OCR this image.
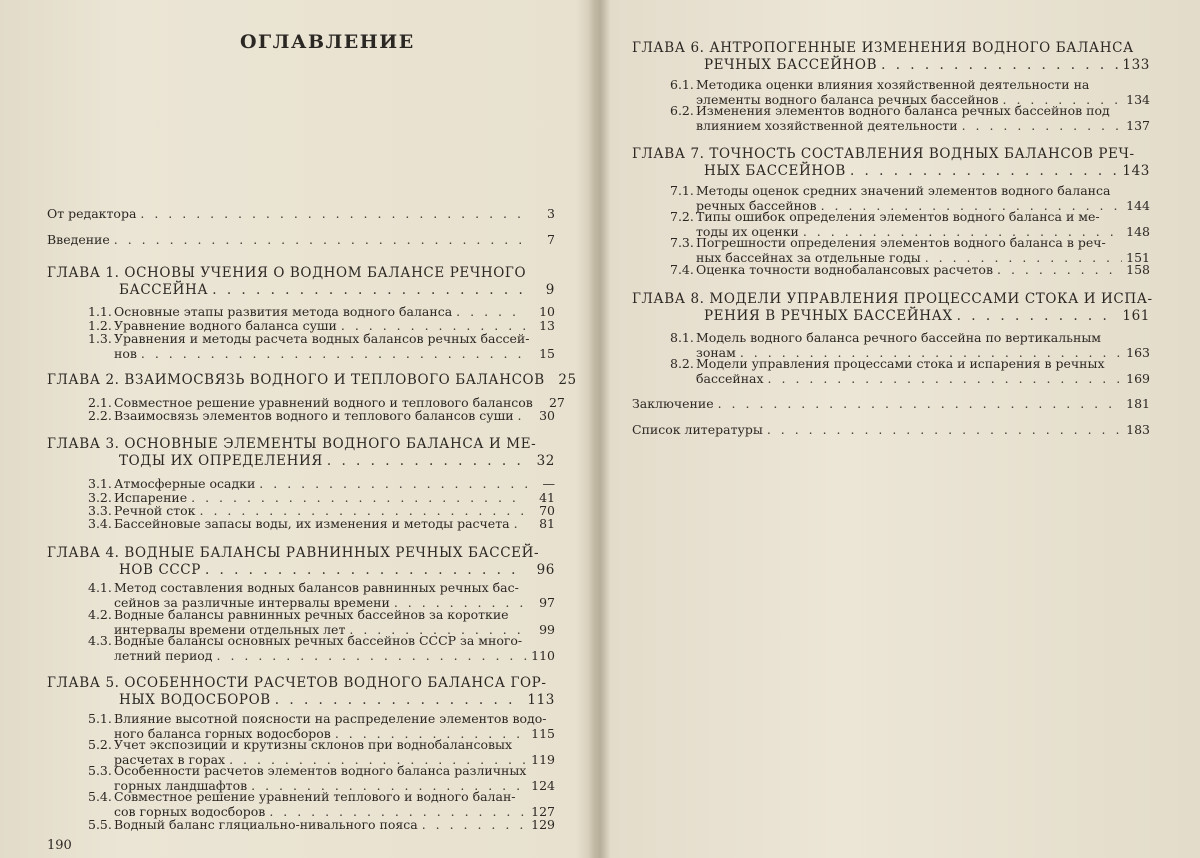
ОГЛАВЛЕНИЕ
От редактора . . .	3
Введение . . .	7
ГЛАВА 1. ОСНОВЫ УЧЕНИЯ О ВОДНОМ БАЛАНСЕ РЕЧНОГО
БАССЕЙНА . . .	9
1.1. Основные этапы развития метода водного баланса . . .	10
1.2. Уравнение водного баланса суши . . .	13
1.3. Уравнения и методы расчета водных балансов речных бассей-
нов . . .	15
ГЛАВА 2. ВЗАИМОСВЯЗЬ ВОДНОГО И ТЕПЛОВОГО БАЛАНСОВ	25
2.1. Совместное решение уравнений водного и теплового балансов	27
2.2. Взаимосвязь элементов водного и теплового балансов суши . . .	30
ГЛАВА 3. ОСНОВНЫЕ ЭЛЕМЕНТЫ ВОДНОГО БАЛАНСА И МЕ-
ТОДЫ ИХ ОПРЕДЕЛЕНИЯ . . .	32
3.1. Атмосферные осадки . . .	—
3.2. Испарение . . .	41
3.3. Речной сток . . .	70
3.4. Бассейновые запасы воды, их изменения и методы расчета . . .	81
ГЛАВА 4. ВОДНЫЕ БАЛАНСЫ РАВНИННЫХ РЕЧНЫХ БАССЕЙ-
НОВ СССР . . .	96
4.1. Метод составления водных балансов равнинных речных бас-
сейнов за различные интервалы времени . . .	97
4.2. Водные балансы равнинных речных бассейнов за короткие
интервалы времени отдельных лет . . .	99
4.3. Водные балансы основных речных бассейнов СССР за много-
летний период . . .	110
ГЛАВА 5. ОСОБЕННОСТИ РАСЧЕТОВ ВОДНОГО БАЛАНСА ГОР-
НЫХ ВОДОСБОРОВ . . .	113
5.1. Влияние высотной поясности на распределение элементов водо-
ного баланса горных водосборов . . .	115
5.2. Учет экспозиции и крутизны склонов при воднобалансовых
расчетах в горах . . .	119
5.3. Особенности расчетов элементов водного баланса различных
горных ландшафтов . . .	124
5.4. Совместное решение уравнений теплового и водного балан-
сов горных водосборов . . .	127
5.5. Водный баланс гляциально-нивального пояса . . .	129
190
ГЛАВА 6. АНТРОПОГЕННЫЕ ИЗМЕНЕНИЯ ВОДНОГО БАЛАНСА
РЕЧНЫХ БАССЕЙНОВ . . .	133
6.1. Методика оценки влияния хозяйственной деятельности на
элементы водного баланса речных бассейнов . . .	134
6.2. Изменения элементов водного баланса речных бассейнов под
влиянием хозяйственной деятельности . . .	137
ГЛАВА 7. ТОЧНОСТЬ СОСТАВЛЕНИЯ ВОДНЫХ БАЛАНСОВ РЕЧ-
НЫХ БАССЕЙНОВ . . .	143
7.1. Методы оценок средних значений элементов водного баланса
речных бассейнов . . .	144
7.2. Типы ошибок определения элементов водного баланса и ме-
тоды их оценки . . .	148
7.3. Погрешности определения элементов водного баланса в реч-
ных бассейнах за отдельные годы . . .	151
7.4. Оценка точности воднобалансовых расчетов . . .	158
ГЛАВА 8. МОДЕЛИ УПРАВЛЕНИЯ ПРОЦЕССАМИ СТОКА И ИСПА-
РЕНИЯ В РЕЧНЫХ БАССЕЙНАХ . . .	161
8.1. Модель водного баланса речного бассейна по вертикальным
зонам . . .	163
8.2. Модели управления процессами стока и испарения в речных
бассейнах . . .	169
Заключение . . .	181
Список литературы . . .	183
